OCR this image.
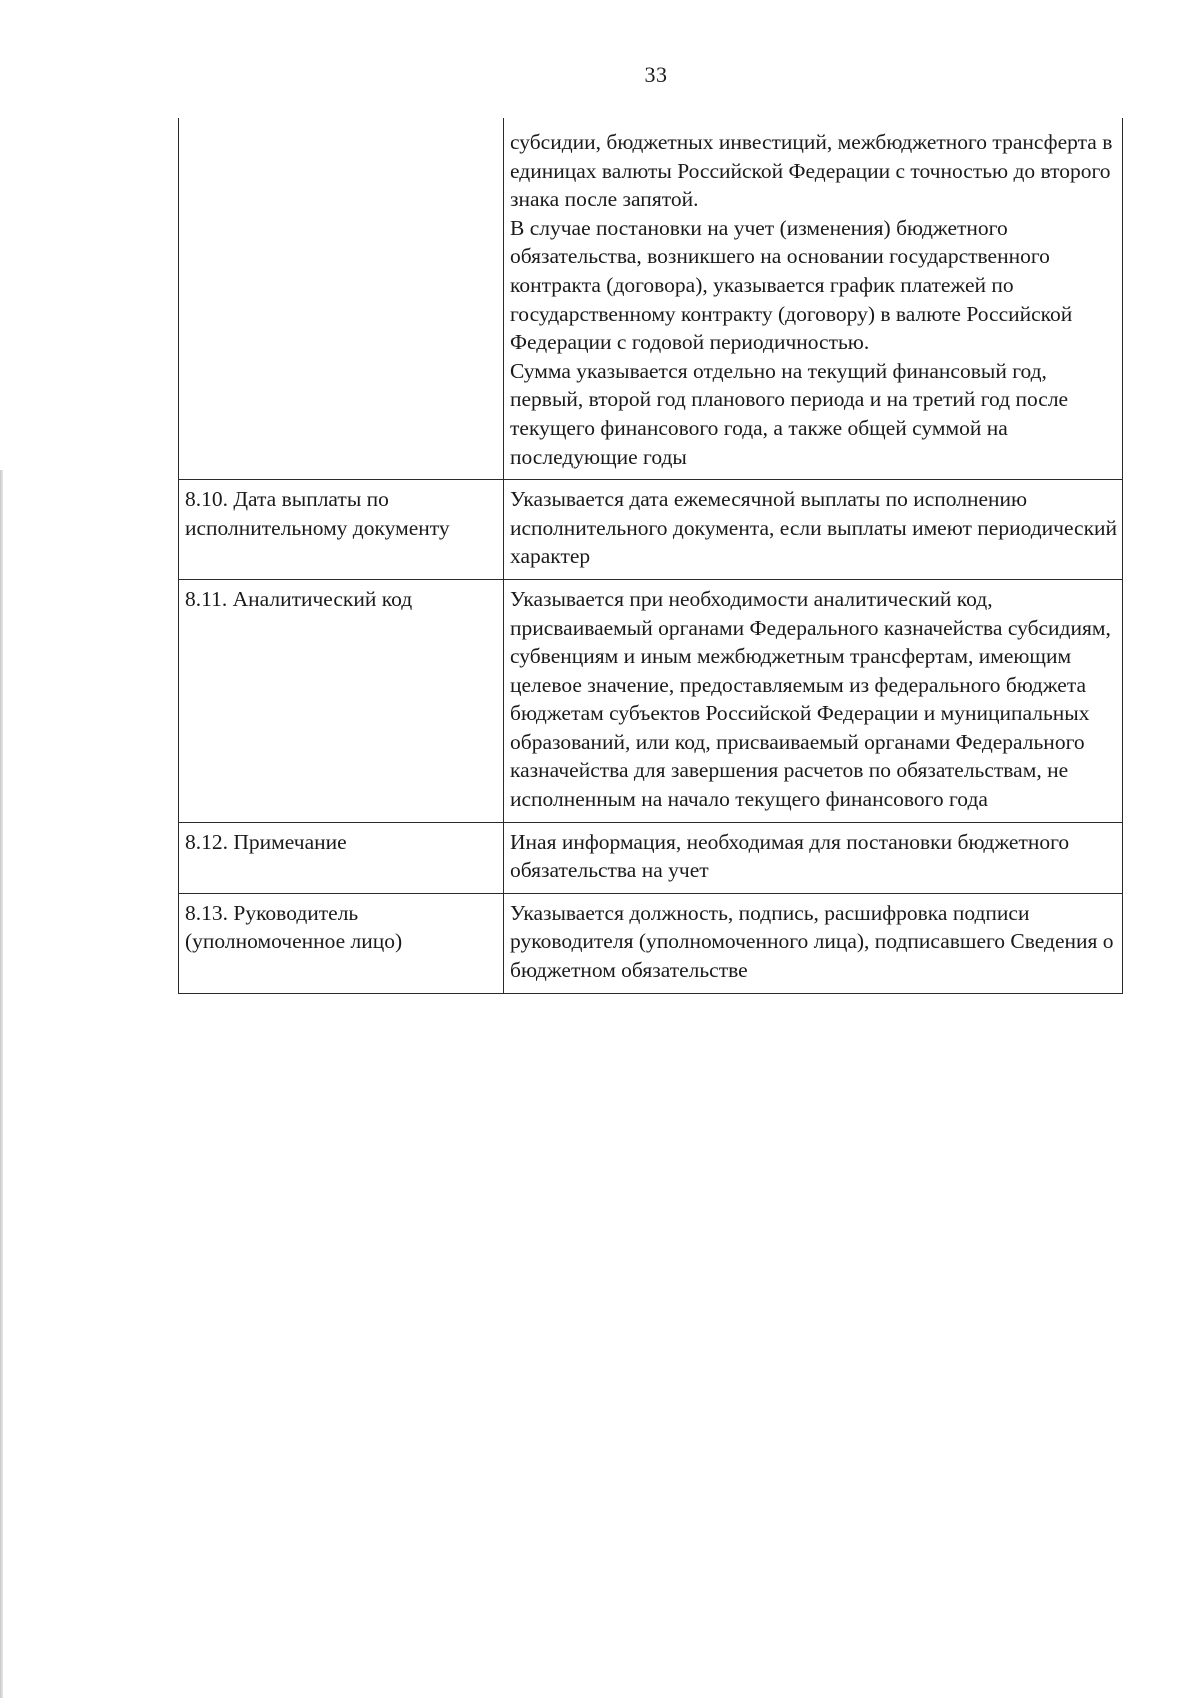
33

	субсидии, бюджетных инвестиций, межбюджетного трансферта в единицах валюты Российской Федерации с точностью до второго знака после запятой.
В случае постановки на учет (изменения) бюджетного обязательства, возникшего на основании государственного контракта (договора), указывается график платежей по государственному контракту (договору) в валюте Российской Федерации с годовой периодичностью.
Сумма указывается отдельно на текущий финансовый год, первый, второй год планового периода и на третий год после текущего финансового года, а также общей суммой на последующие годы

8.10. Дата выплаты по исполнительному документу	Указывается дата ежемесячной выплаты по исполнению исполнительного документа, если выплаты имеют периодический характер

8.11. Аналитический код	Указывается при необходимости аналитический код, присваиваемый органами Федерального казначейства субсидиям, субвенциям и иным межбюджетным трансфертам, имеющим целевое значение, предоставляемым из федерального бюджета бюджетам субъектов Российской Федерации и муниципальных образований, или код, присваиваемый органами Федерального казначейства для завершения расчетов по обязательствам, не исполненным на начало текущего финансового года

8.12. Примечание	Иная информация, необходимая для постановки бюджетного обязательства на учет

8.13. Руководитель (уполномоченное лицо)	Указывается должность, подпись, расшифровка подписи руководителя (уполномоченного лица), подписавшего Сведения о бюджетном обязательстве
